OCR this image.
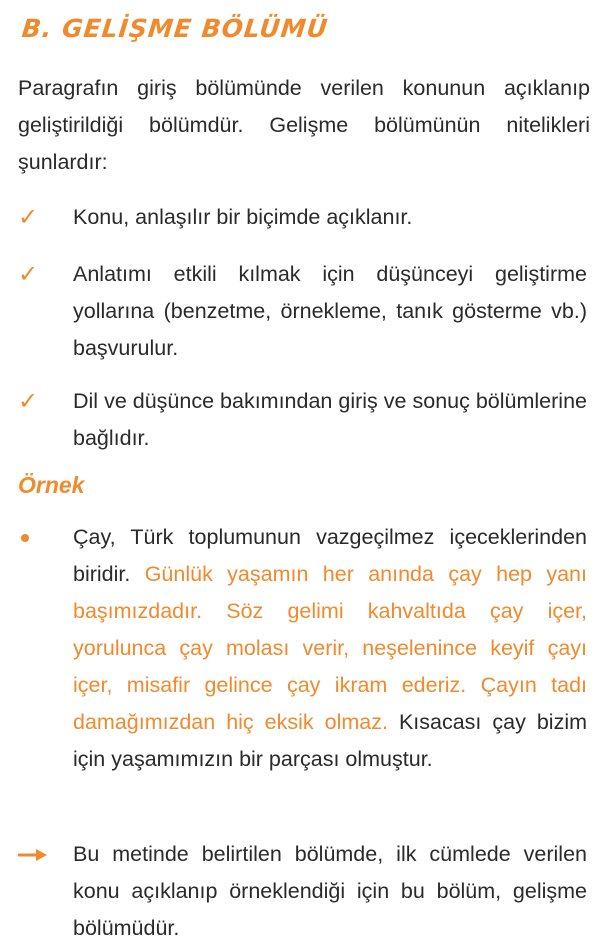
B. GELİŞME BÖLÜMÜ
Paragrafın giriş bölümünde verilen konunun açıklanıp geliştirildiği bölümdür. Gelişme bölümünün nitelikleri şunlardır:
✓ Konu, anlaşılır bir biçimde açıklanır.
✓ Anlatımı etkili kılmak için düşünceyi geliştirme yollarına (benzetme, örnekleme, tanık gösterme vb.) başvurulur.
✓ Dil ve düşünce bakımından giriş ve sonuç bölümlerine bağlıdır.
Örnek
Çay, Türk toplumunun vazgeçilmez içeceklerinden biridir. Günlük yaşamın her anında çay hep yanı başımızdadır. Söz gelimi kahvaltıda çay içer, yorulunca çay molası verir, neşelenince keyif çayı içer, misafir gelince çay ikram ederiz. Çayın tadı damağımızdan hiç eksik olmaz. Kısacası çay bizim için yaşamımızın bir parçası olmuştur.
Bu metinde belirtilen bölümde, ilk cümlede verilen konu açıklanıp örneklendiği için bu bölüm, gelişme bölümüdür.
